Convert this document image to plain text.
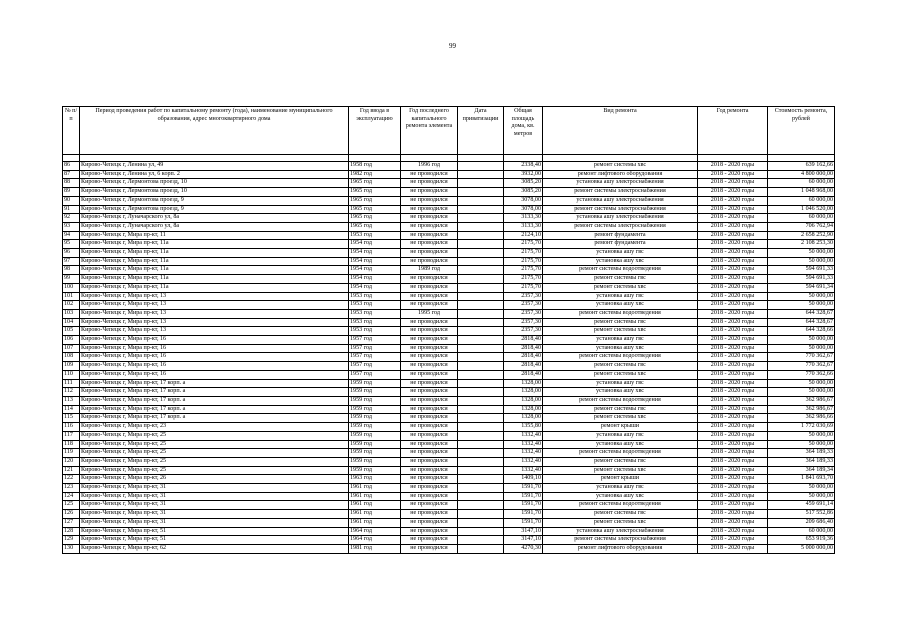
99
№ п/п	Период проведения работ по капитальному ремонту (года), наименование муниципального образования, адрес многоквартирного дома	Год ввода в эксплуатацию	Год последнего капитального ремонта элемента	Дата приватизации	Общая площадь дома, кв. метров	Вид ремонта	Год ремонта	Стоимость ремонта, рублей

86	Кирово-Чепецк г, Ленина ул, 49	1958 год	1996 год		2338,40	ремонт системы хвс	2018 - 2020 годы	639 162,66
87	Кирово-Чепецк г, Ленина ул, 6 корп. 2	1982 год	не проводился		3932,00	ремонт лифтового оборудования	2018 - 2020 годы	4 800 000,00
88	Кирово-Чепецк г, Лермонтова проезд, 10	1965 год	не проводился		3085,20	установка ашу электроснабжения	2018 - 2020 годы	60 000,00
89	Кирово-Чепецк г, Лермонтова проезд, 10	1965 год	не проводился		3085,20	ремонт системы электроснабжения	2018 - 2020 годы	1 048 968,00
90	Кирово-Чепецк г, Лермонтова проезд, 9	1965 год	не проводился		3078,00	установка ашу электроснабжения	2018 - 2020 годы	60 000,00
91	Кирово-Чепецк г, Лермонтова проезд, 9	1965 год	не проводился		3078,00	ремонт системы электроснабжения	2018 - 2020 годы	1 046 520,00
92	Кирово-Чепецк г, Луначарского ул, 8а	1965 год	не проводился		3133,30	установка ашу электроснабжения	2018 - 2020 годы	60 000,00
93	Кирово-Чепецк г, Луначарского ул, 8а	1965 год	не проводился		3133,30	ремонт системы электроснабжения	2018 - 2020 годы	706 762,94
94	Кирово-Чепецк г, Мира пр-кт, 11	1953 год	не проводился		2124,10	ремонт фундамента	2018 - 2020 годы	2 658 252,90
95	Кирово-Чепецк г, Мира пр-кт, 11а	1954 год	не проводился		2175,70	ремонт фундамента	2018 - 2020 годы	2 108 253,30
96	Кирово-Чепецк г, Мира пр-кт, 11а	1954 год	не проводился		2175,70	установка ашу гвс	2018 - 2020 годы	50 000,00
97	Кирово-Чепецк г, Мира пр-кт, 11а	1954 год	не проводился		2175,70	установка ашу хвс	2018 - 2020 годы	50 000,00
98	Кирово-Чепецк г, Мира пр-кт, 11а	1954 год	1989 год		2175,70	ремонт системы водоотведения	2018 - 2020 годы	594 691,33
99	Кирово-Чепецк г, Мира пр-кт, 11а	1954 год	не проводился		2175,70	ремонт системы гвс	2018 - 2020 годы	594 691,33
100	Кирово-Чепецк г, Мира пр-кт, 11а	1954 год	не проводился		2175,70	ремонт системы хвс	2018 - 2020 годы	594 691,34
101	Кирово-Чепецк г, Мира пр-кт, 13	1953 год	не проводился		2357,30	установка ашу гвс	2018 - 2020 годы	50 000,00
102	Кирово-Чепецк г, Мира пр-кт, 13	1953 год	не проводился		2357,30	установка ашу хвс	2018 - 2020 годы	50 000,00
103	Кирово-Чепецк г, Мира пр-кт, 13	1953 год	1995 год		2357,30	ремонт системы водоотведения	2018 - 2020 годы	644 328,67
104	Кирово-Чепецк г, Мира пр-кт, 13	1953 год	не проводился		2357,30	ремонт системы гвс	2018 - 2020 годы	644 328,67
105	Кирово-Чепецк г, Мира пр-кт, 13	1953 год	не проводился		2357,30	ремонт системы хвс	2018 - 2020 годы	644 328,66
106	Кирово-Чепецк г, Мира пр-кт, 16	1957 год	не проводился		2818,40	установка ашу гвс	2018 - 2020 годы	50 000,00
107	Кирово-Чепецк г, Мира пр-кт, 16	1957 год	не проводился		2818,40	установка ашу хвс	2018 - 2020 годы	50 000,00
108	Кирово-Чепецк г, Мира пр-кт, 16	1957 год	не проводился		2818,40	ремонт системы водоотведения	2018 - 2020 годы	770 362,67
109	Кирово-Чепецк г, Мира пр-кт, 16	1957 год	не проводился		2818,40	ремонт системы гвс	2018 - 2020 годы	770 362,67
110	Кирово-Чепецк г, Мира пр-кт, 16	1957 год	не проводился		2818,40	ремонт системы хвс	2018 - 2020 годы	770 362,66
111	Кирово-Чепецк г, Мира пр-кт, 17 корп. а	1959 год	не проводился		1328,00	установка ашу гвс	2018 - 2020 годы	50 000,00
112	Кирово-Чепецк г, Мира пр-кт, 17 корп. а	1959 год	не проводился		1328,00	установка ашу хвс	2018 - 2020 годы	50 000,00
113	Кирово-Чепецк г, Мира пр-кт, 17 корп. а	1959 год	не проводился		1328,00	ремонт системы водоотведения	2018 - 2020 годы	362 986,67
114	Кирово-Чепецк г, Мира пр-кт, 17 корп. а	1959 год	не проводился		1328,00	ремонт системы гвс	2018 - 2020 годы	362 986,67
115	Кирово-Чепецк г, Мира пр-кт, 17 корп. а	1959 год	не проводился		1328,00	ремонт системы хвс	2018 - 2020 годы	362 986,66
116	Кирово-Чепецк г, Мира пр-кт, 23	1959 год	не проводился		1355,80	ремонт крыши	2018 - 2020 годы	1 772 030,69
117	Кирово-Чепецк г, Мира пр-кт, 25	1959 год	не проводился		1332,40	установка ашу гвс	2018 - 2020 годы	50 000,00
118	Кирово-Чепецк г, Мира пр-кт, 25	1959 год	не проводился		1332,40	установка ашу хвс	2018 - 2020 годы	50 000,00
119	Кирово-Чепецк г, Мира пр-кт, 25	1959 год	не проводился		1332,40	ремонт системы водоотведения	2018 - 2020 годы	364 189,33
120	Кирово-Чепецк г, Мира пр-кт, 25	1959 год	не проводился		1332,40	ремонт системы гвс	2018 - 2020 годы	364 189,33
121	Кирово-Чепецк г, Мира пр-кт, 25	1959 год	не проводился		1332,40	ремонт системы хвс	2018 - 2020 годы	364 189,34
122	Кирово-Чепецк г, Мира пр-кт, 26	1963 год	не проводился		1409,10	ремонт крыши	2018 - 2020 годы	1 841 693,70
123	Кирово-Чепецк г, Мира пр-кт, 31	1961 год	не проводился		1591,70	установка ашу гвс	2018 - 2020 годы	50 000,00
124	Кирово-Чепецк г, Мира пр-кт, 31	1961 год	не проводился		1591,70	установка ашу хвс	2018 - 2020 годы	50 000,00
125	Кирово-Чепецк г, Мира пр-кт, 31	1961 год	не проводился		1591,70	ремонт системы водоотведения	2018 - 2020 годы	459 691,14
126	Кирово-Чепецк г, Мира пр-кт, 31	1961 год	не проводился		1591,70	ремонт системы гвс	2018 - 2020 годы	517 552,86
127	Кирово-Чепецк г, Мира пр-кт, 31	1961 год	не проводился		1591,70	ремонт системы хвс	2018 - 2020 годы	209 686,40
128	Кирово-Чепецк г, Мира пр-кт, 51	1964 год	не проводился		3147,10	установка ашу электроснабжения	2018 - 2020 годы	60 000,00
129	Кирово-Чепецк г, Мира пр-кт, 51	1964 год	не проводился		3147,10	ремонт системы электроснабжения	2018 - 2020 годы	653 919,36
130	Кирово-Чепецк г, Мира пр-кт, 62	1981 год	не проводился		4270,30	ремонт лифтового оборудования	2018 - 2020 годы	5 000 000,00
